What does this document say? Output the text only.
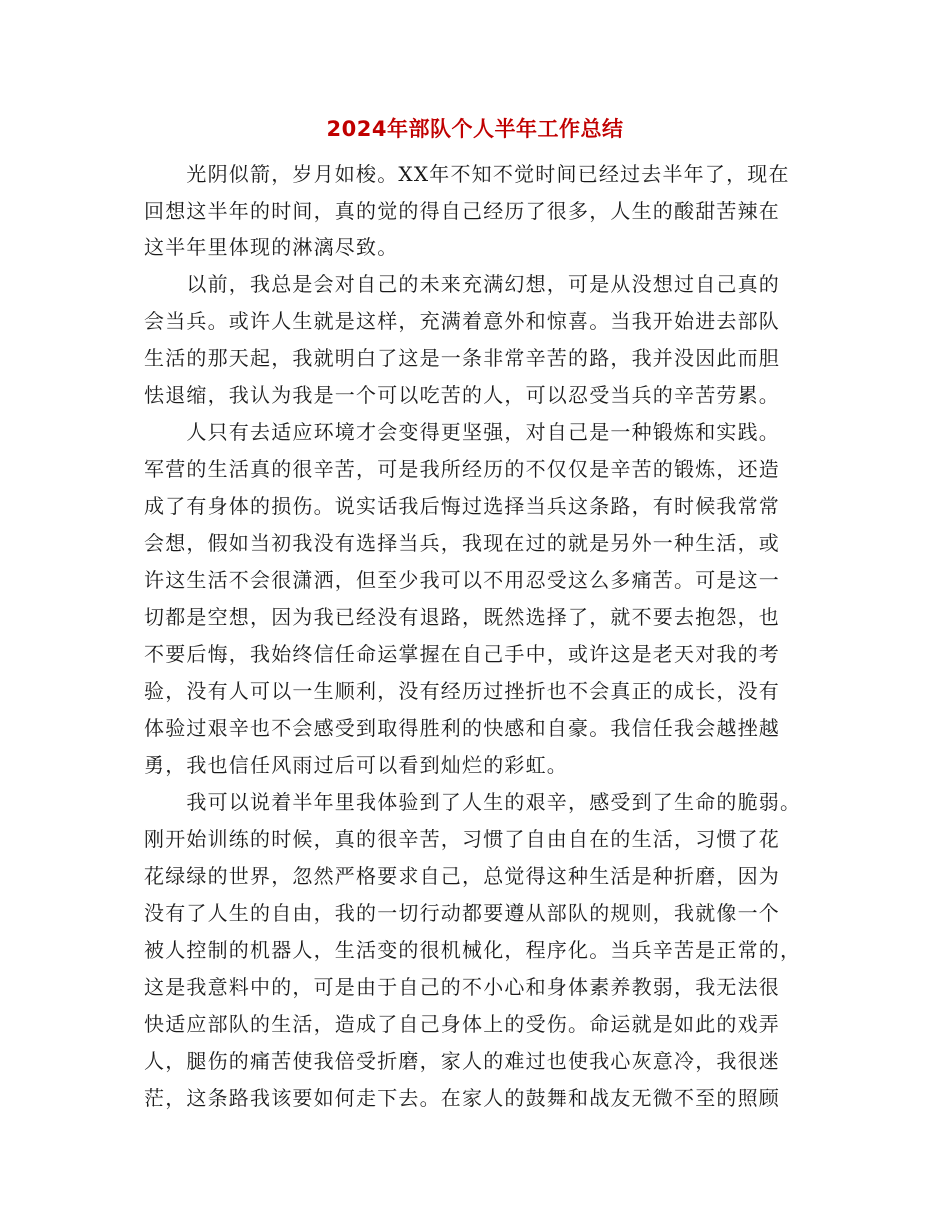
2024年部队个人半年工作总结
　　光阴似箭，岁月如梭。XX年不知不觉时间已经过去半年了，现在
回想这半年的时间，真的觉的得自己经历了很多，人生的酸甜苦辣在
这半年里体现的淋漓尽致。
　　以前，我总是会对自己的未来充满幻想，可是从没想过自己真的
会当兵。或许人生就是这样，充满着意外和惊喜。当我开始进去部队
生活的那天起，我就明白了这是一条非常辛苦的路，我并没因此而胆
怯退缩，我认为我是一个可以吃苦的人，可以忍受当兵的辛苦劳累。
　　人只有去适应环境才会变得更坚强，对自己是一种锻炼和实践。
军营的生活真的很辛苦，可是我所经历的不仅仅是辛苦的锻炼，还造
成了有身体的损伤。说实话我后悔过选择当兵这条路，有时候我常常
会想，假如当初我没有选择当兵，我现在过的就是另外一种生活，或
许这生活不会很潇洒，但至少我可以不用忍受这么多痛苦。可是这一
切都是空想，因为我已经没有退路，既然选择了，就不要去抱怨，也
不要后悔，我始终信任命运掌握在自己手中，或许这是老天对我的考
验，没有人可以一生顺利，没有经历过挫折也不会真正的成长，没有
体验过艰辛也不会感受到取得胜利的快感和自豪。我信任我会越挫越
勇，我也信任风雨过后可以看到灿烂的彩虹。
　　我可以说着半年里我体验到了人生的艰辛，感受到了生命的脆弱。
刚开始训练的时候，真的很辛苦，习惯了自由自在的生活，习惯了花
花绿绿的世界，忽然严格要求自己，总觉得这种生活是种折磨，因为
没有了人生的自由，我的一切行动都要遵从部队的规则，我就像一个
被人控制的机器人，生活变的很机械化，程序化。当兵辛苦是正常的，
这是我意料中的，可是由于自己的不小心和身体素养教弱，我无法很
快适应部队的生活，造成了自己身体上的受伤。命运就是如此的戏弄
人，腿伤的痛苦使我倍受折磨，家人的难过也使我心灰意冷，我很迷
茫，这条路我该要如何走下去。在家人的鼓舞和战友无微不至的照顾
